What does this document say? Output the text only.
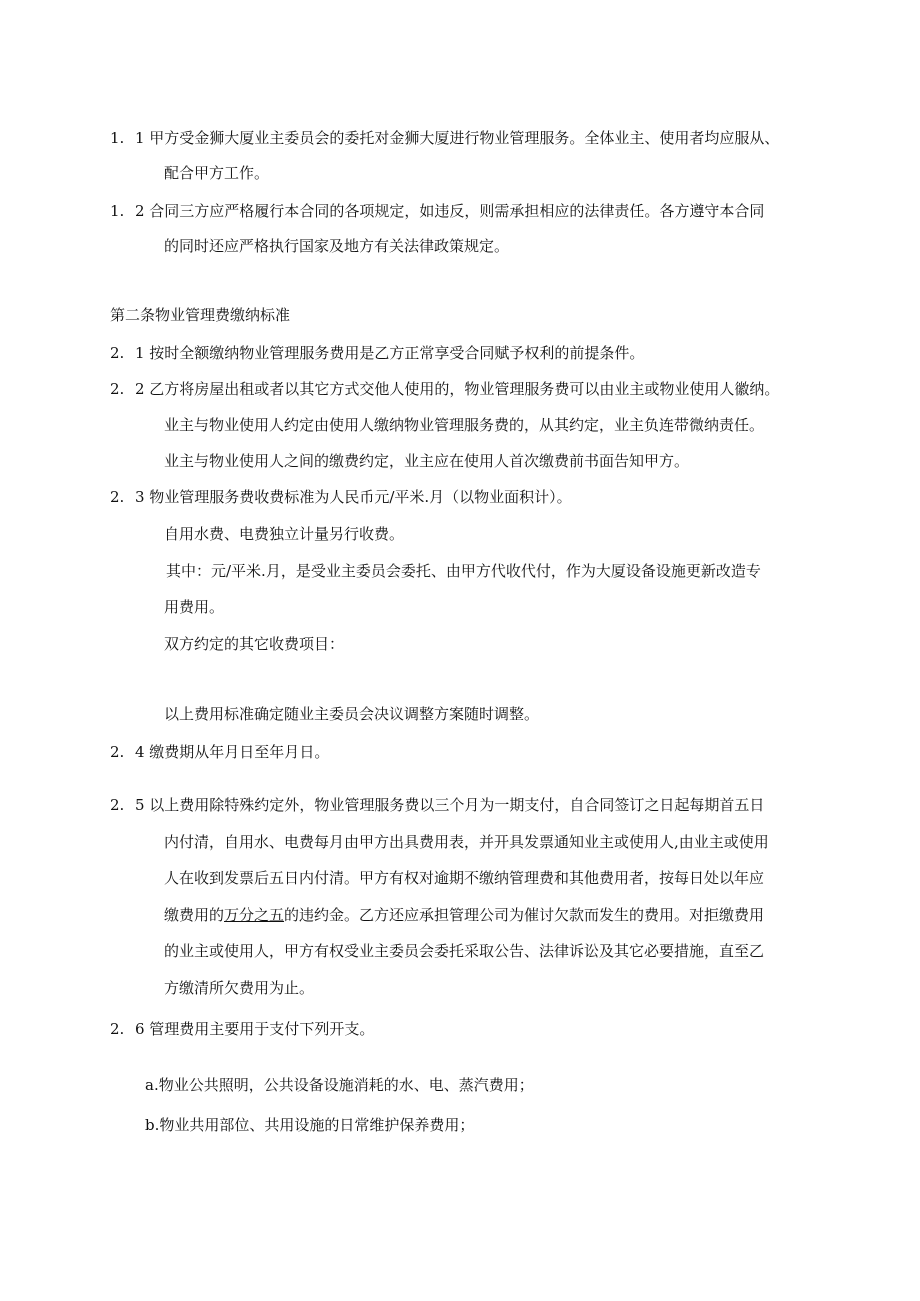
1. 1 甲方受金狮大厦业主委员会的委托对金狮大厦进行物业管理服务。全体业主、使用者均应服从、
配合甲方工作。
1. 2 合同三方应严格履行本合同的各项规定，如违反，则需承担相应的法律责任。各方遵守本合同
的同时还应严格执行国家及地方有关法律政策规定。
第二条物业管理费缴纳标准
2. 1 按时全额缴纳物业管理服务费用是乙方正常享受合同赋予权利的前提条件。
2. 2 乙方将房屋出租或者以其它方式交他人使用的，物业管理服务费可以由业主或物业使用人徽纳。
业主与物业使用人约定由使用人缴纳物业管理服务费的，从其约定，业主负连带微纳责任。
业主与物业使用人之间的缴费约定，业主应在使用人首次缴费前书面告知甲方。
2. 3 物业管理服务费收费标准为人民币元/平米.月（以物业面积计）。
自用水费、电费独立计量另行收费。
其中：元/平米.月，是受业主委员会委托、由甲方代收代付，作为大厦设备设施更新改造专
用费用。
双方约定的其它收费项目：
以上费用标准确定随业主委员会决议调整方案随时调整。
2. 4 缴费期从年月日至年月日。
2. 5 以上费用除特殊约定外，物业管理服务费以三个月为一期支付，自合同签订之日起每期首五日
内付清，自用水、电费每月由甲方出具费用表，并开具发票通知业主或使用人,由业主或使用
人在收到发票后五日内付清。甲方有权对逾期不缴纳管理费和其他费用者，按每日处以年应
缴费用的万分之五的违约金。乙方还应承担管理公司为催讨欠款而发生的费用。对拒缴费用
的业主或使用人，甲方有权受业主委员会委托采取公告、法律诉讼及其它必要措施，直至乙
方缴清所欠费用为止。
2. 6 管理费用主要用于支付下列开支。
a.物业公共照明，公共设备设施消耗的水、电、蒸汽费用；
b.物业共用部位、共用设施的日常维护保养费用；
